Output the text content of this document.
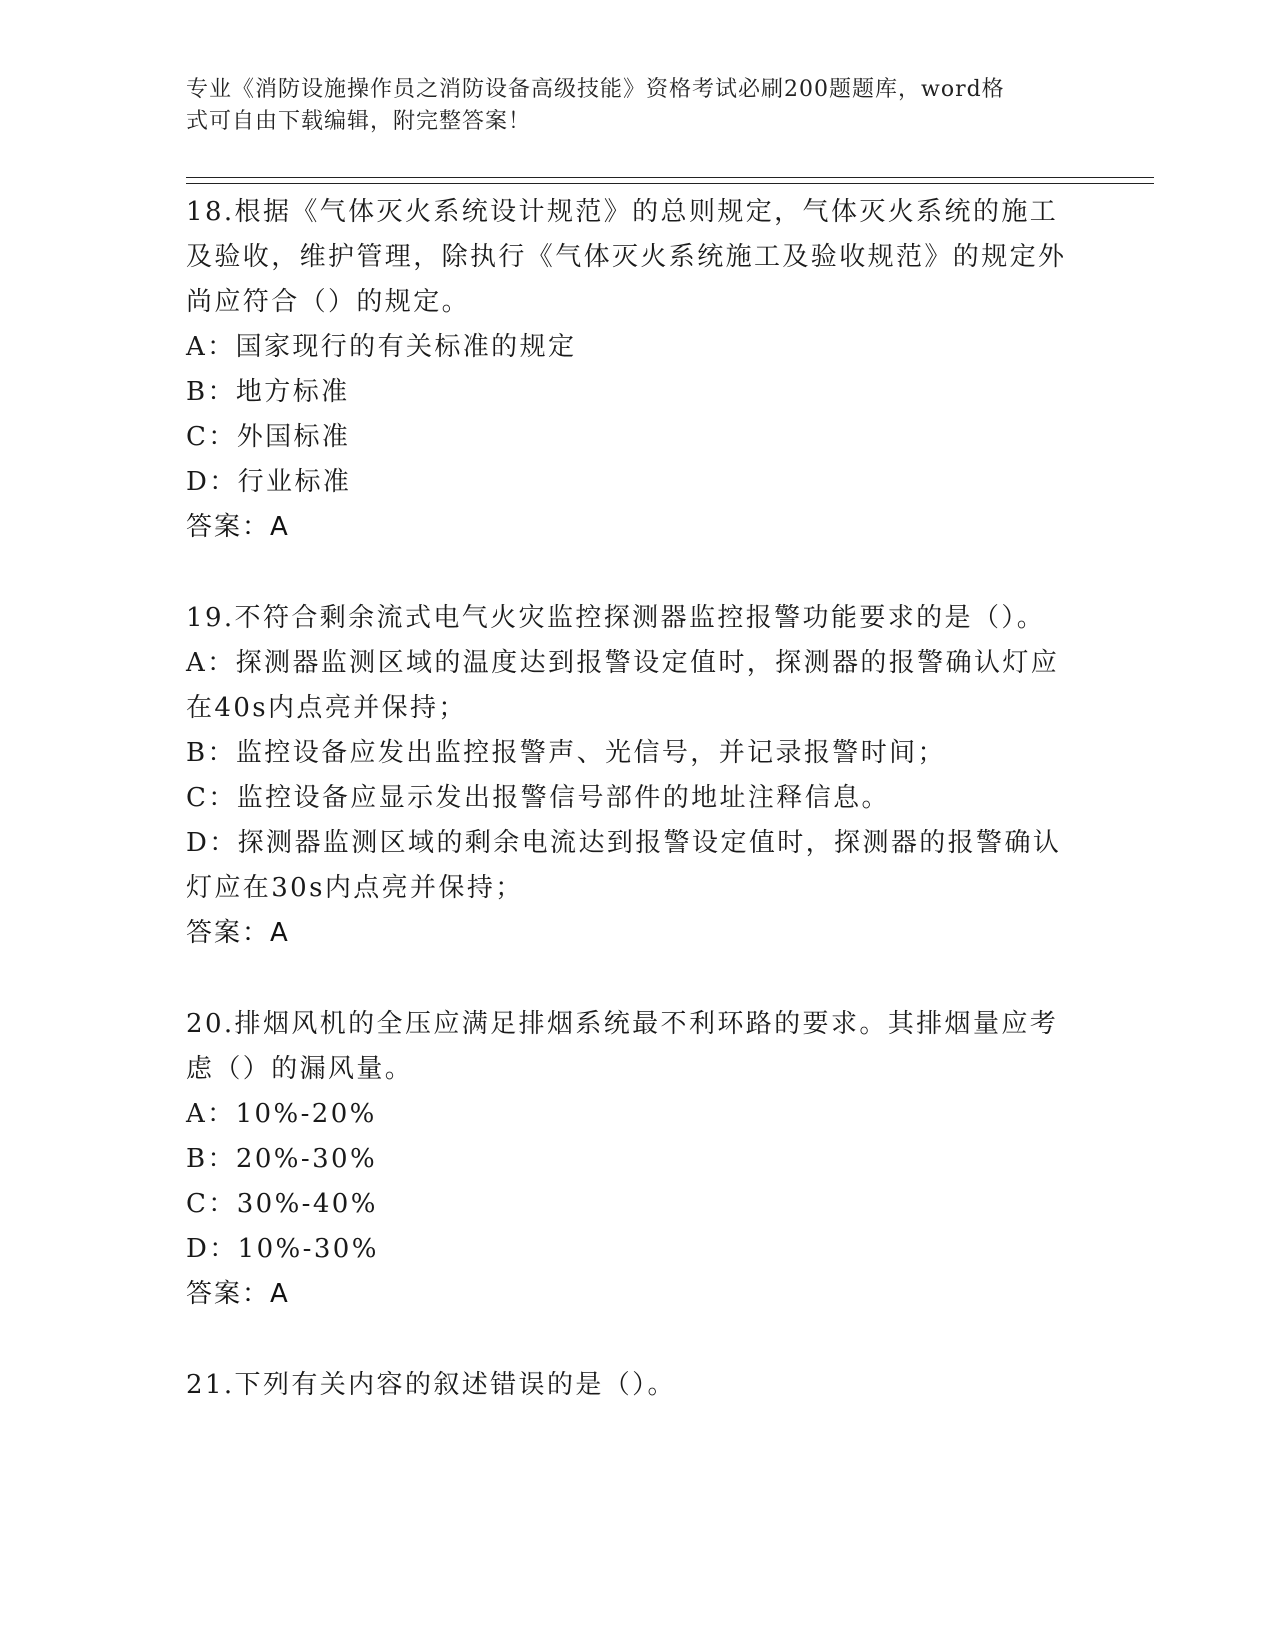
专业《消防设施操作员之消防设备高级技能》资格考试必刷200题题库，word格
式可自由下载编辑，附完整答案！

18.根据《气体灭火系统设计规范》的总则规定，气体灭火系统的施工及验收，维护管理，除执行《气体灭火系统施工及验收规范》的规定外尚应符合（）的规定。

A：国家现行的有关标准的规定

B：地方标准

C：外国标准

D：行业标准

答案：A

19.不符合剩余流式电气火灾监控探测器监控报警功能要求的是（）。

A：探测器监测区域的温度达到报警设定值时，探测器的报警确认灯应在40s内点亮并保持；

B：监控设备应发出监控报警声、光信号，并记录报警时间；

C：监控设备应显示发出报警信号部件的地址注释信息。

D：探测器监测区域的剩余电流达到报警设定值时，探测器的报警确认灯应在30s内点亮并保持；

答案：A

20.排烟风机的全压应满足排烟系统最不利环路的要求。其排烟量应考虑（）的漏风量。

A：10%-20%

B：20%-30%

C：30%-40%

D：10%-30%

答案：A

21.下列有关内容的叙述错误的是（）。
